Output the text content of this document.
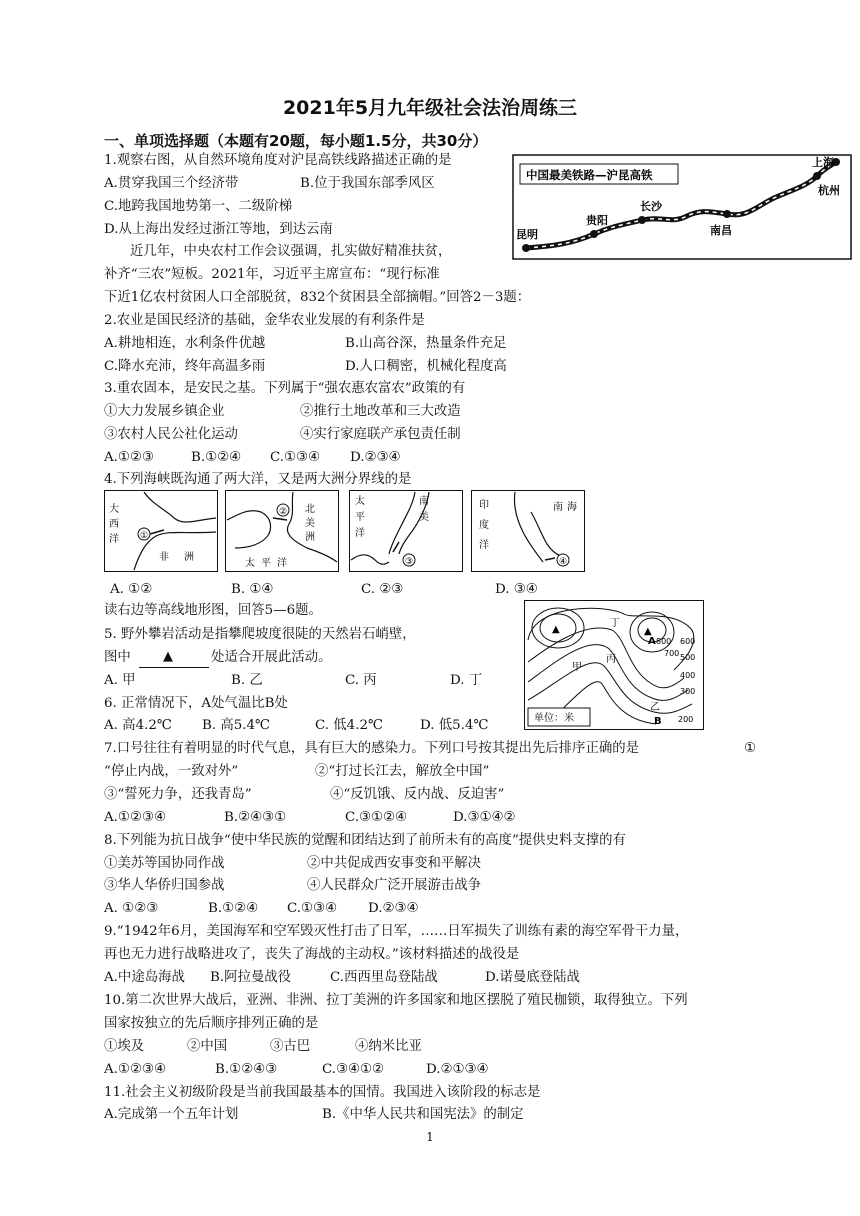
2021年5月九年级社会法治周练三
一、单项选择题（本题有20题，每小题1.5分，共30分）
1.观察右图，从自然环境角度对沪昆高铁线路描述正确的是
A.贯穿我国三个经济带	B.位于我国东部季风区
C.地跨我国地势第一、二级阶梯
D.从上海出发经过浙江等地，到达云南
近几年，中央农村工作会议强调，扎实做好精准扶贫，
补齐“三农”短板。2021年，习近平主席宣布：“现行标准
下近1亿农村贫困人口全部脱贫，832个贫困县全部摘帽。”回答2－3题：
2.农业是国民经济的基础，金华农业发展的有利条件是
A.耕地相连，水利条件优越	B.山高谷深，热量条件充足
C.降水充沛，终年高温多雨	D.人口稠密，机械化程度高
3.重农固本，是安民之基。下列属于“强农惠农富农”政策的有
①大力发展乡镇企业	②推行土地改革和三大改造
③农村人民公社化运动	④实行家庭联产承包责任制
A.①②③	B.①②④ C.①③④ D.②③④
4.下列海峡既沟通了两大洋，又是两大洲分界线的是
A. ①②	B. ①④	C. ②③	D. ③④
读右边等高线地形图，回答5—6题。
5. 野外攀岩活动是指攀爬坡度很陡的天然岩石峭壁，
图中 ▲	处适合开展此活动。
A. 甲	B. 乙	C. 丙	D. 丁
6. 正常情况下，A处气温比B处
A. 高4.2℃ B. 高5.4℃	C. 低4.2℃	D. 低5.4℃
7.口号往往有着明显的时代气息，具有巨大的感染力。下列口号按其提出先后排序正确的是	①
“停止内战，一致对外”	②“打过长江去，解放全中国”
③“誓死力争，还我青岛”	④“反饥饿、反内战、反迫害”
A.①②③④	B.②④③①	C.③①②④	D.③①④②
8.下列能为抗日战争“使中华民族的觉醒和团结达到了前所未有的高度”提供史料支撑的有
①美苏等国协同作战	②中共促成西安事变和平解决
③华人华侨归国参战	④人民群众广泛开展游击战争
A. ①②③	B.①②④ C.①③④ D.②③④
9.“1942年6月，美国海军和空军毁灭性打击了日军，……日军损失了训练有素的海空军骨干力量，
再也无力进行战略进攻了，丧失了海战的主动权。”该材料描述的战役是
A.中途岛海战 B.阿拉曼战役	C.西西里岛登陆战	D.诺曼底登陆战
10.第二次世界大战后，亚洲、非洲、拉丁美洲的许多国家和地区摆脱了殖民枷锁，取得独立。下列
国家按独立的先后顺序排列正确的是
①埃及	②中国	③古巴	④纳米比亚
A.①②③④	B.①②④③	C.③④①②	D.②①③④
11.社会主义初级阶段是当前我国最基本的国情。我国进入该阶段的标志是
A.完成第一个五年计划	B.《中华人民共和国宪法》的制定
1
中国最美铁路—沪昆高铁
上海
杭州
长沙
南昌
贵阳
昆明
①
大
西
洋
非 洲
② 北
美
洲
太 平 洋	③
太
平
洋
南
美
④
印
度
洋
南 海
▲	▲
丁
甲
丙
乙
A
B
800
700
600
500
400
300
200
单位：米
